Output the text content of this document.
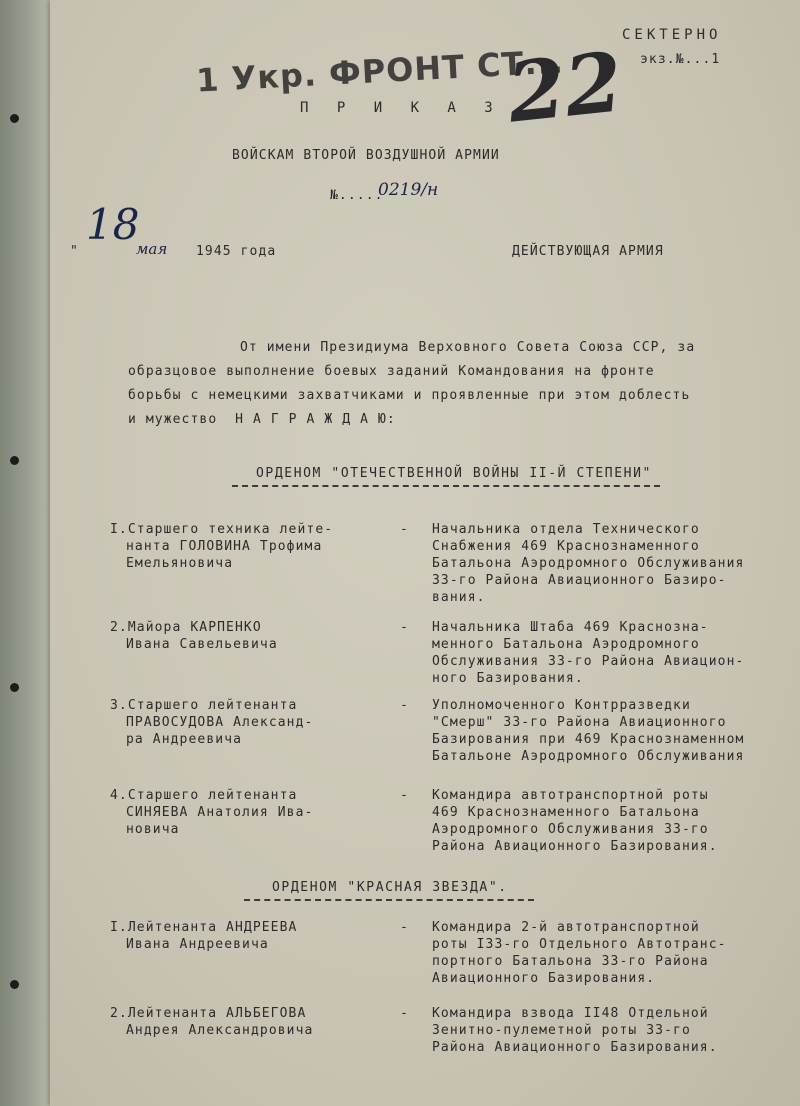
СЕКТЕРНО
экз.№...1
1 Укр. ФРОНТ СТ...
22
П Р И К А З
ВОЙСКАМ ВТОРОЙ ВОЗДУШНОЙ АРМИИ
№.....
0219/н
"
18
мая 1945 года	ДЕЙСТВУЮЩАЯ АРМИЯ
От имени Президиума Верховного Совета Союза ССР, за
образцовое выполнение боевых заданий Командования на фронте
борьбы с немецкими захватчиками и проявленные при этом доблесть
и мужество  Н А Г Р А Ж Д А Ю:
ОРДЕНОМ "ОТЕЧЕСТВЕННОЙ ВОЙНЫ II-Й СТЕПЕНИ"
I.Старшего техника лейте-
нанта ГОЛОВИНА Трофима
Емельяновича
- Начальника отдела Технического
Снабжения 469 Краснознаменного
Батальона Аэродромного Обслуживания
33-го Района Авиационного Базиро-
вания.
2.Майора КАРПЕНКО
Ивана Савельевича
- Начальника Штаба 469 Краснозна-
менного Батальона Аэродромного
Обслуживания 33-го Района Авиацион-
ного Базирования.
3.Старшего лейтенанта
ПРАВОСУДОВА Александ-
ра Андреевича
- Уполномоченного Контрразведки
"Смерш" 33-го Района Авиационного
Базирования при 469 Краснознаменном
Батальоне Аэродромного Обслуживания
4.Старшего лейтенанта
СИНЯЕВА Анатолия Ива-
новича
- Командира автотранспортной роты
469 Краснознаменного Батальона
Аэродромного Обслуживания 33-го
Района Авиационного Базирования.
ОРДЕНОМ "КРАСНАЯ ЗВЕЗДА".
I.Лейтенанта АНДРЕЕВА
Ивана Андреевича
- Командира 2-й автотранспортной
роты I33-го Отдельного Автотранс-
портного Батальона 33-го Района
Авиационного Базирования.
2.Лейтенанта АЛЬБЕГОВА
Андрея Александровича
- Командира взвода II48 Отдельной
Зенитно-пулеметной роты 33-го
Района Авиационного Базирования.
